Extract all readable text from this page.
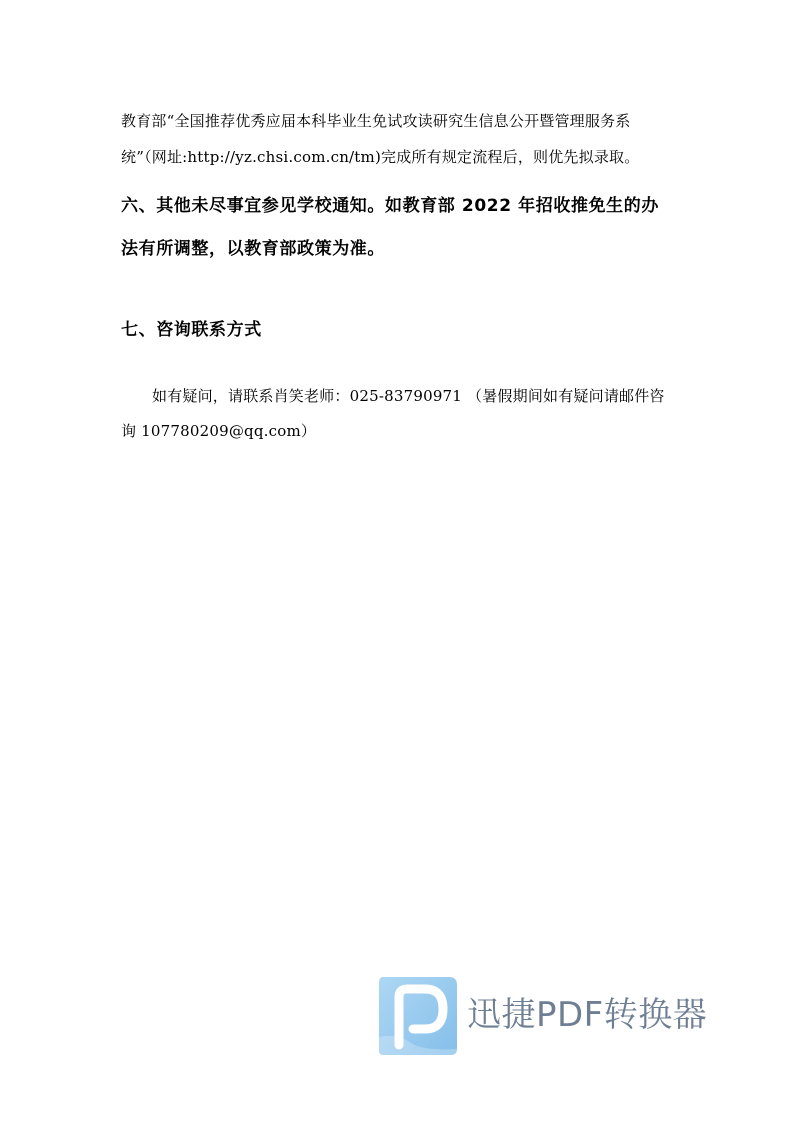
教育部“全国推荐优秀应届本科毕业生免试攻读研究生信息公开暨管理服务系
统”（网址:http://yz.chsi.com.cn/tm)完成所有规定流程后，则优先拟录取。
六、其他未尽事宜参见学校通知。如教育部 2022 年招收推免生的办
法有所调整，以教育部政策为准。
七、咨询联系方式
如有疑问，请联系肖笑老师：025-83790971 （暑假期间如有疑问请邮件咨
询 107780209@qq.com）
迅捷PDF转换器
